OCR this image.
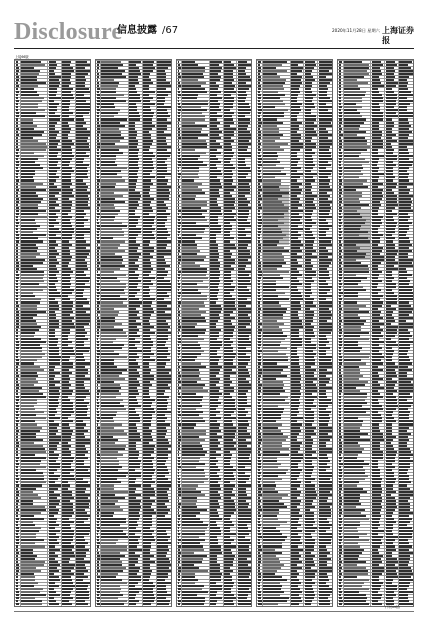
Disclosure
信息披露 /67	2020年11月28日 星期六 上海证券报
上接66版
(下转68版)
